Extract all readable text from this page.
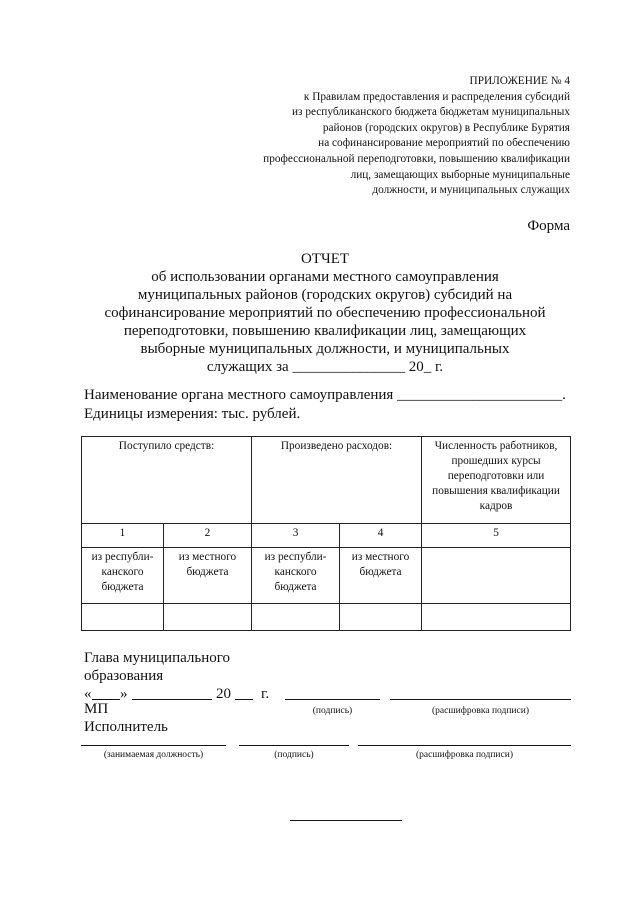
ПРИЛОЖЕНИЕ № 4
к Правилам предоставления и распределения субсидий
из республиканского бюджета бюджетам муниципальных
районов (городских округов) в Республике Бурятия
на софинансирование мероприятий по обеспечению
профессиональной переподготовки, повышению квалификации
лиц, замещающих выборные муниципальные
должности, и муниципальных служащих
Форма
ОТЧЕТ
об использовании органами местного самоуправления
муниципальных районов (городских округов) субсидий на
софинансирование мероприятий по обеспечению профессиональной
переподготовки, повышению квалификации лиц, замещающих
выборные муниципальных должности, и муниципальных
служащих за _______________ 20_ г.
Наименование органа местного самоуправления ______________________.
Единицы измерения: тыс. рублей.
Поступило средств:		Произведено расходов:		Численность работников, прошедших курсы переподготовки или повышения квалификации кадров
1	2	3	4	5
из республи-канского бюджета	из местного бюджета	из республи-канского бюджета	из местного бюджета	

Глава муниципального
образования
« »	20 г.
МП	(подпись)	(расшифровка подписи)
Исполнитель
(занимаемая должность)	(подпись)	(расшифровка подписи)
